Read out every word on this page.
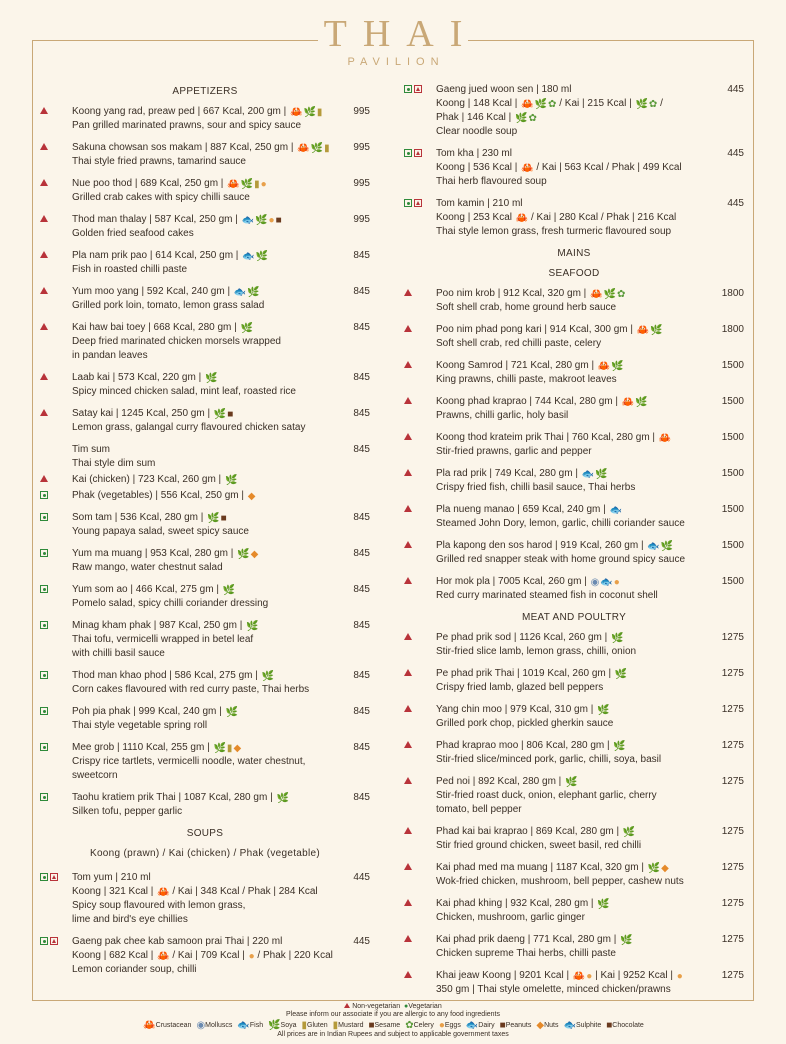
THAI
PAVILION
APPETIZERS
Koong yang rad, preaw ped | 667 Kcal, 200 gm | 🦀🌿▮
Pan grilled marinated prawns, sour and spicy sauce
995
Sakuna chowsan sos makam | 887 Kcal, 250 gm | 🦀🌿▮
Thai style fried prawns, tamarind sauce
995
Nue poo thod | 689 Kcal, 250 gm | 🦀🌿▮●
Grilled crab cakes with spicy chilli sauce
995
Thod man thalay | 587 Kcal, 250 gm | 🐟🌿●■
Golden fried seafood cakes
995
Pla nam prik pao | 614 Kcal, 250 gm | 🐟🌿
Fish in roasted chilli paste
845
Yum moo yang | 592 Kcal, 240 gm | 🐟🌿
Grilled pork loin, tomato, lemon grass salad
845
Kai haw bai toey | 668 Kcal, 280 gm | 🌿
Deep fried marinated chicken morsels wrapped
in pandan leaves
845
Laab kai | 573 Kcal, 220 gm | 🌿
Spicy minced chicken salad, mint leaf, roasted rice
845
Satay kai | 1245 Kcal, 250 gm | 🌿■
Lemon grass, galangal curry flavoured chicken satay
845
Tim sum
Thai style dim sum
845
Kai (chicken) | 723 Kcal, 260 gm | 🌿
Phak (vegetables) | 556 Kcal, 250 gm | ◆
Som tam | 536 Kcal, 280 gm | 🌿■
Young papaya salad, sweet spicy sauce
845
Yum ma muang | 953 Kcal, 280 gm | 🌿◆
Raw mango, water chestnut salad
845
Yum som ao | 466 Kcal, 275 gm | 🌿
Pomelo salad, spicy chilli coriander dressing
845
Minag kham phak | 987 Kcal, 250 gm | 🌿
Thai tofu, vermicelli wrapped in betel leaf
with chilli basil sauce
845
Thod man khao phod | 586 Kcal, 275 gm | 🌿
Corn cakes flavoured with red curry paste, Thai herbs
845
Poh pia phak | 999 Kcal, 240 gm | 🌿
Thai style vegetable spring roll
845
Mee grob | 1110 Kcal, 255 gm | 🌿▮◆
Crispy rice tartlets, vermicelli noodle, water chestnut,
sweetcorn
845
Taohu kratiem prik Thai | 1087 Kcal, 280 gm | 🌿
Silken tofu, pepper garlic
845
SOUPS
Koong (prawn) / Kai (chicken) / Phak (vegetable)
Tom yum | 210 ml
Koong | 321 Kcal | 🦀 / Kai | 348 Kcal / Phak | 284 Kcal
Spicy soup flavoured with lemon grass,
lime and bird's eye chillies
445
Gaeng pak chee kab samoon prai Thai | 220 ml
Koong | 682 Kcal | 🦀 / Kai | 709 Kcal | ● / Phak | 220 Kcal
Lemon coriander soup, chilli
445
Gaeng jued woon sen | 180 ml
Koong | 148 Kcal | 🦀🌿✿ / Kai | 215 Kcal | 🌿✿ /
Phak | 146 Kcal | 🌿✿
Clear noodle soup
445
Tom kha | 230 ml
Koong | 536 Kcal | 🦀 / Kai | 563 Kcal / Phak | 499 Kcal
Thai herb flavoured soup
445
Tom kamin | 210 ml
Koong | 253 Kcal 🦀 / Kai | 280 Kcal / Phak | 216 Kcal
Thai style lemon grass, fresh turmeric flavoured soup
445
MAINS
SEAFOOD
Poo nim krob | 912 Kcal, 320 gm | 🦀🌿✿
Soft shell crab, home ground herb sauce
1800
Poo nim phad pong kari | 914 Kcal, 300 gm | 🦀🌿
Soft shell crab, red chilli paste, celery
1800
Koong Samrod | 721 Kcal, 280 gm | 🦀🌿
King prawns, chilli paste, makroot leaves
1500
Koong phad kraprao | 744 Kcal, 280 gm | 🦀🌿
Prawns, chilli garlic, holy basil
1500
Koong thod krateim prik Thai | 760 Kcal, 280 gm | 🦀
Stir-fried prawns, garlic and pepper
1500
Pla rad prik | 749 Kcal, 280 gm | 🐟🌿
Crispy fried fish, chilli basil sauce, Thai herbs
1500
Pla nueng manao | 659 Kcal, 240 gm | 🐟
Steamed John Dory, lemon, garlic, chilli coriander sauce
1500
Pla kapong den sos harod | 919 Kcal, 260 gm | 🐟🌿
Grilled red snapper steak with home ground spicy sauce
1500
Hor mok pla | 7005 Kcal, 260 gm | ◉🐟●
Red curry marinated steamed fish in coconut shell
1500
MEAT AND POULTRY
Pe phad prik sod | 1126 Kcal, 260 gm | 🌿
Stir-fried slice lamb, lemon grass, chilli, onion
1275
Pe phad prik Thai | 1019 Kcal, 260 gm | 🌿
Crispy fried lamb, glazed bell peppers
1275
Yang chin moo | 979 Kcal, 310 gm | 🌿
Grilled pork chop, pickled gherkin sauce
1275
Phad kraprao moo | 806 Kcal, 280 gm | 🌿
Stir-fried slice/minced pork, garlic, chilli, soya, basil
1275
Ped noi | 892 Kcal, 280 gm | 🌿
Stir-fried roast duck, onion, elephant garlic, cherry
tomato, bell pepper
1275
Phad kai bai kraprao | 869 Kcal, 280 gm | 🌿
Stir fried ground chicken, sweet basil, red chilli
1275
Kai phad med ma muang | 1187 Kcal, 320 gm | 🌿◆
Wok-fried chicken, mushroom, bell pepper, cashew nuts
1275
Kai phad khing | 932 Kcal, 280 gm | 🌿
Chicken, mushroom, garlic ginger
1275
Kai phad prik daeng | 771 Kcal, 280 gm | 🌿
Chicken supreme Thai herbs, chilli paste
1275
Khai jeaw Koong | 9201 Kcal | 🦀● | Kai | 9252 Kcal | ●
350 gm | Thai style omelette, minced chicken/prawns
1275
Non-vegetarian ●Vegetarian
Please inform our associate if you are allergic to any food ingredients
🦀Crustacean ◉Molluscs 🐟Fish 🌿Soya ▮Gluten ▮Mustard ■Sesame ✿Celery ●Eggs 🐟Dairy ■Peanuts ◆Nuts 🐟Sulphite ■Chocolate
All prices are in Indian Rupees and subject to applicable government taxes
